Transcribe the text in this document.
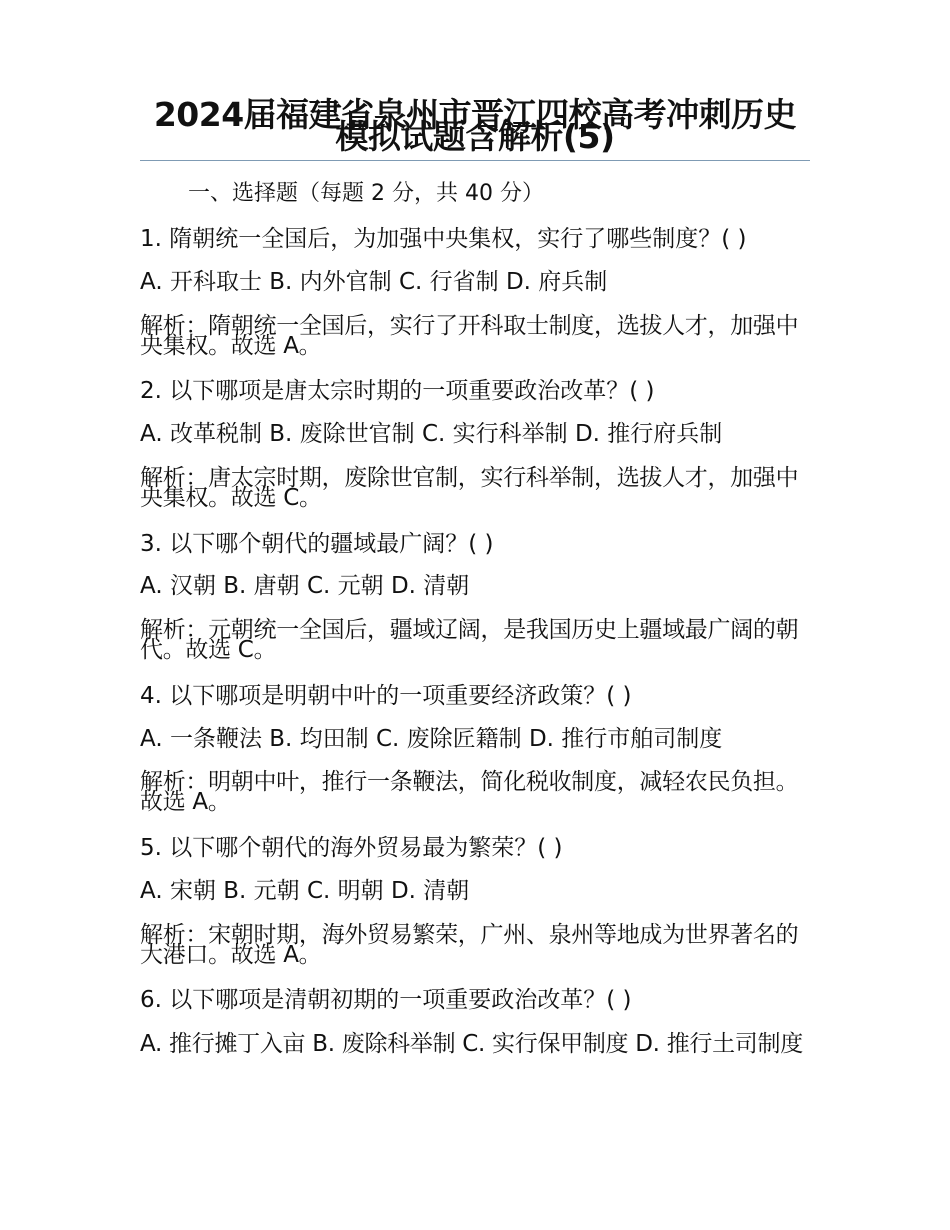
2024届福建省泉州市晋江四校高考冲刺历史模拟试题含解析(5)
一、选择题（每题 2 分，共 40 分）
1. 隋朝统一全国后，为加强中央集权，实行了哪些制度？( )
A. 开科取士 B. 内外官制 C. 行省制 D. 府兵制
解析：隋朝统一全国后，实行了开科取士制度，选拔人才，加强中央集权。故选 A。
2. 以下哪项是唐太宗时期的一项重要政治改革？( )
A. 改革税制 B. 废除世官制 C. 实行科举制 D. 推行府兵制
解析：唐太宗时期，废除世官制，实行科举制，选拔人才，加强中央集权。故选 C。
3. 以下哪个朝代的疆域最广阔？( )
A. 汉朝 B. 唐朝 C. 元朝 D. 清朝
解析：元朝统一全国后，疆域辽阔，是我国历史上疆域最广阔的朝代。故选 C。
4. 以下哪项是明朝中叶的一项重要经济政策？( )
A. 一条鞭法 B. 均田制 C. 废除匠籍制 D. 推行市舶司制度
解析：明朝中叶，推行一条鞭法，简化税收制度，减轻农民负担。故选 A。
5. 以下哪个朝代的海外贸易最为繁荣？( )
A. 宋朝 B. 元朝 C. 明朝 D. 清朝
解析：宋朝时期，海外贸易繁荣，广州、泉州等地成为世界著名的大港口。故选 A。
6. 以下哪项是清朝初期的一项重要政治改革？( )
A. 推行摊丁入亩 B. 废除科举制 C. 实行保甲制度 D. 推行土司制度
